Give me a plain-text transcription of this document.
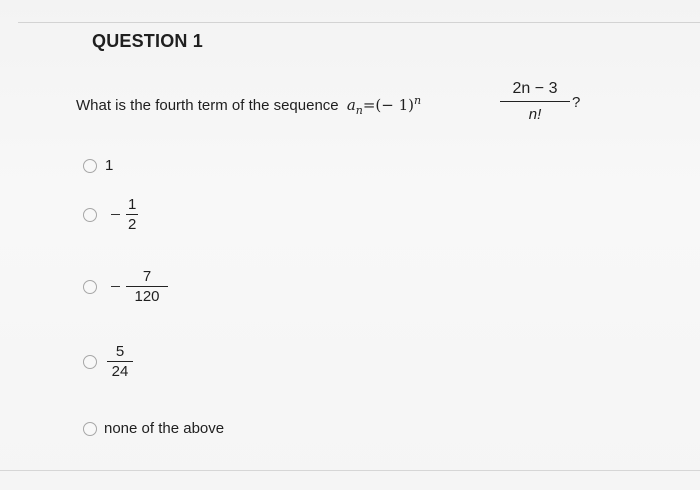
QUESTION 1
What is the fourth term of the sequence $a_n=(- 1)^n$
2n − 3
n!
?
1
$\frac{1}{2}$
$\frac{7}{120}$
$\frac{5}{24}$
none of the above
